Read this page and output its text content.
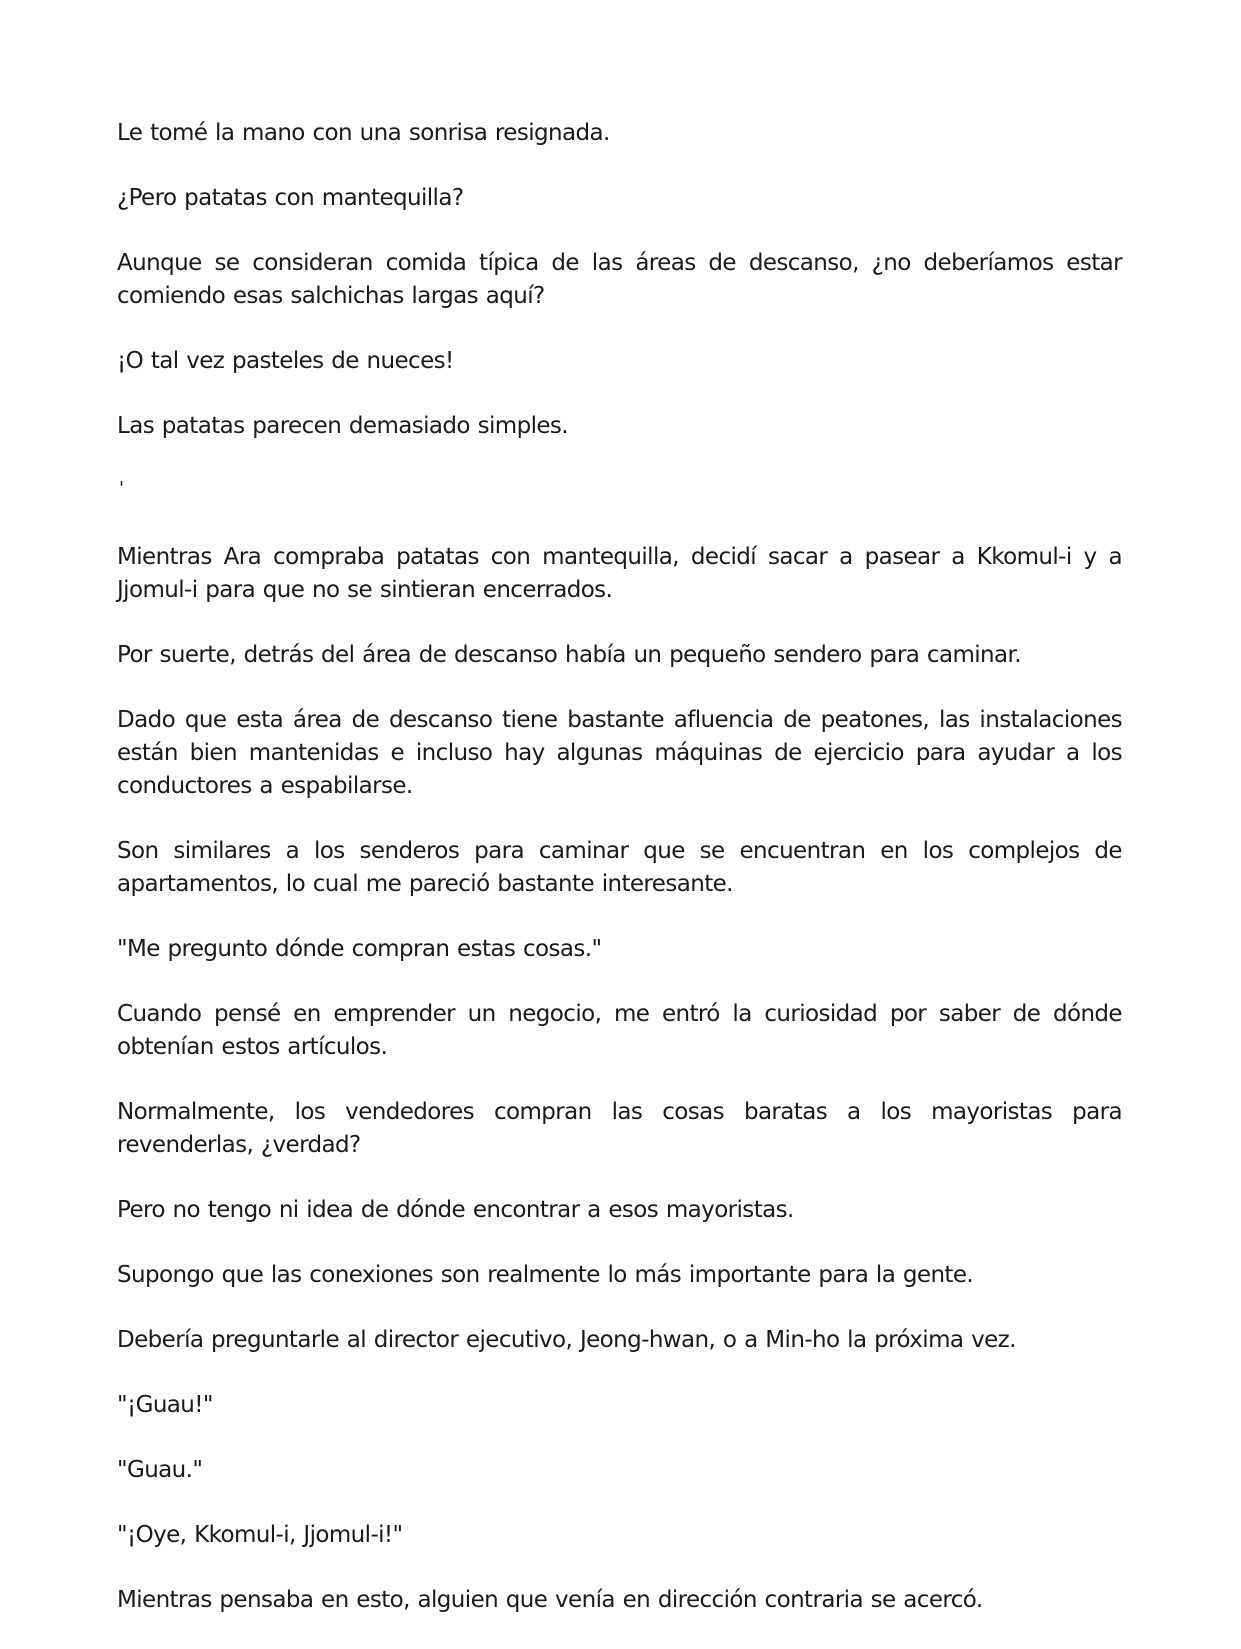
Le tomé la mano con una sonrisa resignada.

¿Pero patatas con mantequilla?

Aunque se consideran comida típica de las áreas de descanso, ¿no deberíamos estar comiendo esas salchichas largas aquí?

¡O tal vez pasteles de nueces!

Las patatas parecen demasiado simples.

'

Mientras Ara compraba patatas con mantequilla, decidí sacar a pasear a Kkomul-i y a Jjomul-i para que no se sintieran encerrados.

Por suerte, detrás del área de descanso había un pequeño sendero para caminar.

Dado que esta área de descanso tiene bastante afluencia de peatones, las instalaciones están bien mantenidas e incluso hay algunas máquinas de ejercicio para ayudar a los conductores a espabilarse.

Son similares a los senderos para caminar que se encuentran en los complejos de apartamentos, lo cual me pareció bastante interesante.

"Me pregunto dónde compran estas cosas."

Cuando pensé en emprender un negocio, me entró la curiosidad por saber de dónde obtenían estos artículos.

Normalmente, los vendedores compran las cosas baratas a los mayoristas para revenderlas, ¿verdad?

Pero no tengo ni idea de dónde encontrar a esos mayoristas.

Supongo que las conexiones son realmente lo más importante para la gente.

Debería preguntarle al director ejecutivo, Jeong-hwan, o a Min-ho la próxima vez.

"¡Guau!"

"Guau."

"¡Oye, Kkomul-i, Jjomul-i!"

Mientras pensaba en esto, alguien que venía en dirección contraria se acercó.
